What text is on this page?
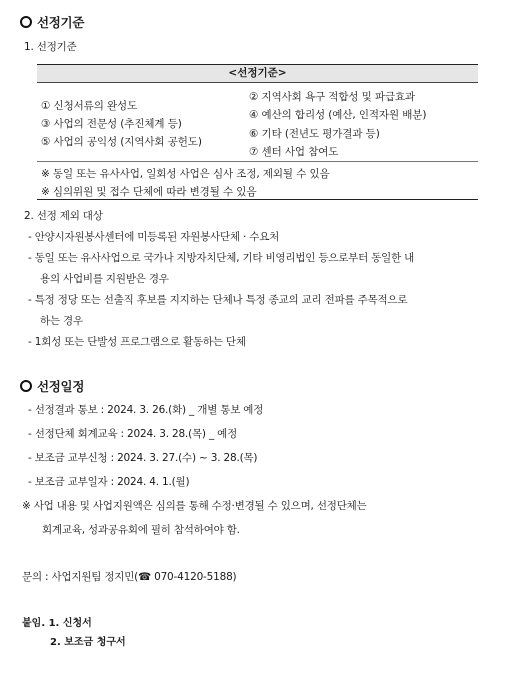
선정기준
1. 선정기준
<선정기준>
① 신청서류의 완성도
③ 사업의 전문성 (추진체계 등)
⑤ 사업의 공익성 (지역사회 공헌도)
② 지역사회 욕구 적합성 및 파급효과
④ 예산의 합리성 (예산, 인적자원 배분)
⑥ 기타 (전년도 평가결과 등)
⑦ 센터 사업 참여도
※ 동일 또는 유사사업, 일회성 사업은 심사 조정, 제외될 수 있음
※ 심의위원 및 접수 단체에 따라 변경될 수 있음
2. 선정 제외 대상
- 안양시자원봉사센터에 미등록된 자원봉사단체 · 수요처
- 동일 또는 유사사업으로 국가나 지방자치단체, 기타 비영리법인 등으로부터 동일한 내
용의 사업비를 지원받은 경우
- 특정 정당 또는 선출직 후보를 지지하는 단체나 특정 종교의 교리 전파를 주목적으로
하는 경우
- 1회성 또는 단발성 프로그램으로 활동하는 단체
선정일정
- 선정결과 통보 : 2024. 3. 26.(화) _ 개별 통보 예정
- 선정단체 회계교육 : 2024. 3. 28.(목) _ 예정
- 보조금 교부신청 : 2024. 3. 27.(수) ~ 3. 28.(목)
- 보조금 교부일자 : 2024. 4. 1.(월)
※ 사업 내용 및 사업지원액은 심의를 통해 수정·변경될 수 있으며, 선정단체는
회계교육, 성과공유회에 필히 참석하여야 함.
문의 : 사업지원팀 정지민(☎ 070-4120-5188)
붙임. 1. 신청서
2. 보조금 청구서
